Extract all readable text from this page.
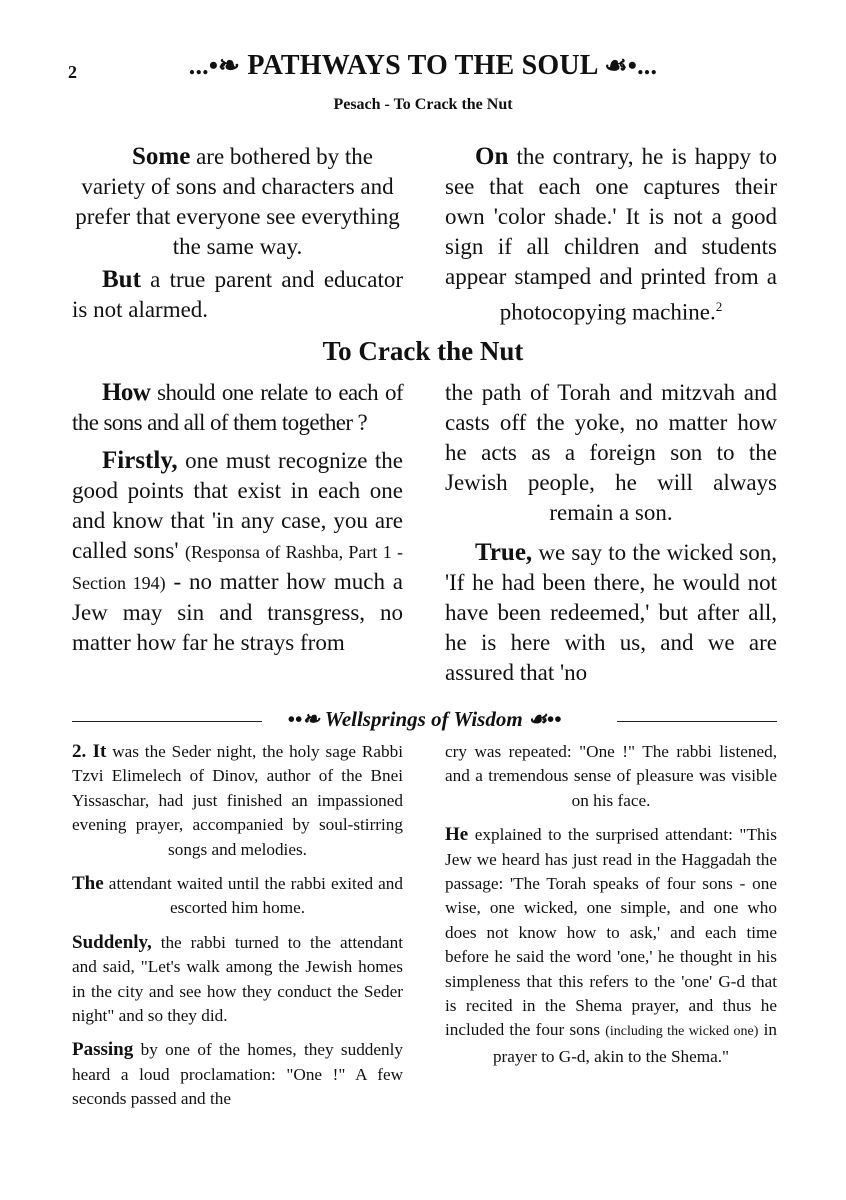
2	...•❧ PATHWAYS TO THE SOUL ☙•...
Pesach - To Crack the Nut

Some are bothered by the variety of sons and characters and prefer that everyone see everything the same way.

But a true parent and educator is not alarmed.

On the contrary, he is happy to see that each one captures their own 'color shade.' It is not a good sign if all children and students appear stamped and printed from a photocopying machine.$^2$

To Crack the Nut

How should one relate to each of the sons and all of them together ?

Firstly, one must recognize the good points that exist in each one and know that 'in any case, you are called sons' (Responsa of Rashba, Part 1 - Section 194) - no matter how much a Jew may sin and transgress, no matter how far he strays from

the path of Torah and mitzvah and casts off the yoke, no matter how he acts as a foreign son to the Jewish people, he will always remain a son.

True, we say to the wicked son, 'If he had been there, he would not have been redeemed,' but after all, he is here with us, and we are assured that 'no

••❧ Wellsprings of Wisdom ☙••

2. It was the Seder night, the holy sage Rabbi Tzvi Elimelech of Dinov, author of the Bnei Yissaschar, had just finished an impassioned evening prayer, accompanied by soul-stirring songs and melodies.

The attendant waited until the rabbi exited and escorted him home.

Suddenly, the rabbi turned to the attendant and said, "Let's walk among the Jewish homes in the city and see how they conduct the Seder night" and so they did.

Passing by one of the homes, they suddenly heard a loud proclamation: "One !" A few seconds passed and the

cry was repeated: "One !" The rabbi listened, and a tremendous sense of pleasure was visible on his face.

He explained to the surprised attendant: "This Jew we heard has just read in the Haggadah the passage: 'The Torah speaks of four sons - one wise, one wicked, one simple, and one who does not know how to ask,' and each time before he said the word 'one,' he thought in his simpleness that this refers to the 'one' G-d that is recited in the Shema prayer, and thus he included the four sons (including the wicked one) in prayer to G-d, akin to the Shema."
